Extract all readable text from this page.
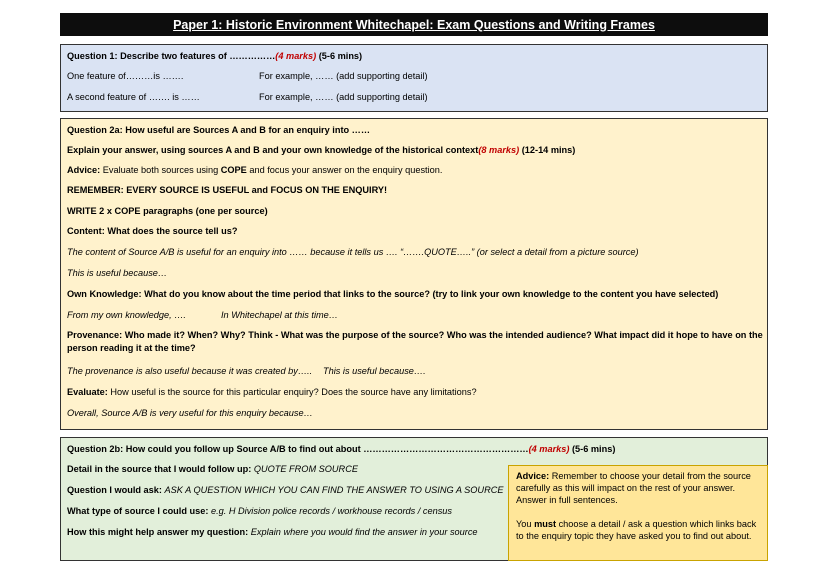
Paper 1: Historic Environment Whitechapel: Exam Questions and Writing Frames
Question 1: Describe two features of ……………(4 marks) (5-6 mins)
One feature of………is …….	For example, …… (add supporting detail)
A second feature of ……. is ……	For example, …… (add supporting detail)
Question 2a: How useful are Sources A and B for an enquiry into ……
Explain your answer, using sources A and B and your own knowledge of the historical context(8 marks) (12-14 mins)
Advice: Evaluate both sources using COPE and focus your answer on the enquiry question.
REMEMBER: EVERY SOURCE IS USEFUL and FOCUS ON THE ENQUIRY!
WRITE 2 x COPE paragraphs (one per source)
Content: What does the source tell us?
The content of Source A/B is useful for an enquiry into …… because it tells us …. “…….QUOTE…..” (or select a detail from a picture source)
This is useful because…
Own Knowledge: What do you know about the time period that links to the source? (try to link your own knowledge to the content you have selected)
From my own knowledge, ….	In Whitechapel at this time…
Provenance: Who made it? When? Why? Think - What was the purpose of the source? Who was the intended audience? What impact did it hope to have on the
person reading it at the time?
The provenance is also useful because it was created by….. This is useful because….
Evaluate: How useful is the source for this particular enquiry? Does the source have any limitations?
Overall, Source A/B is very useful for this enquiry because…
Question 2b: How could you follow up Source A/B to find out about ………………………………………………(4 marks) (5-6 mins)
Detail in the source that I would follow up: QUOTE FROM SOURCE
Question I would ask: ASK A QUESTION WHICH YOU CAN FIND THE ANSWER TO USING A SOURCE
What type of source I could use: e.g. H Division police records / workhouse records / census
How this might help answer my question: Explain where you would find the answer in your source
Advice: Remember to choose your detail from the source carefully as this will impact on the rest of your answer. Answer in full sentences.
You must choose a detail / ask a question which links back to the enquiry topic they have asked you to find out about.
